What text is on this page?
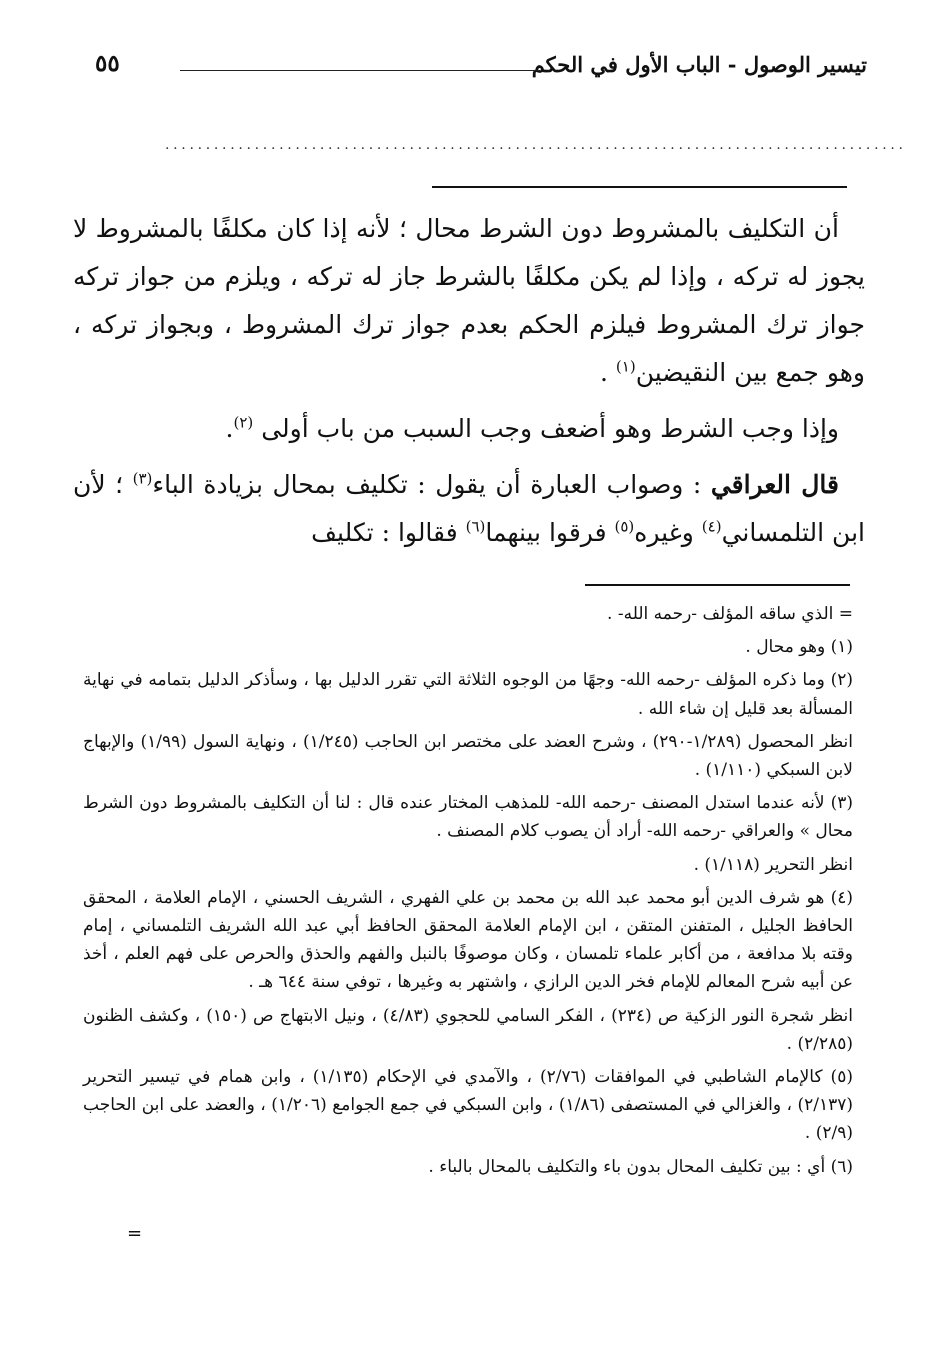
تيسير الوصول - الباب الأول في الحكم
٥٥
...........................................................................................

أن التكليف بالمشروط دون الشرط محال ؛ لأنه إذا كان مكلفًا بالمشروط لا يجوز له تركه ، وإذا لم يكن مكلفًا بالشرط جاز له تركه ، ويلزم من جواز تركه جواز ترك المشروط فيلزم الحكم بعدم جواز ترك المشروط ، وبجواز تركه ، وهو جمع بين النقيضين$^{(١)}$ .

وإذا وجب الشرط وهو أضعف وجب السبب من باب أولى $^{(٢)}$.

قال العراقي : وصواب العبارة أن يقول : تكليف بمحال بزيادة الباء$^{(٣)}$ ؛ لأن ابن التلمساني$^{(٤)}$ وغيره$^{(٥)}$ فرقوا بينهما$^{(٦)}$ فقالوا : تكليف

= الذي ساقه المؤلف -رحمه الله- .
(١) وهو محال .
(٢) وما ذكره المؤلف -رحمه الله- وجهًا من الوجوه الثلاثة التي تقرر الدليل بها ، وسأذكر الدليل بتمامه في نهاية المسألة بعد قليل إن شاء الله .
انظر المحصول (١/٢٨٩-٢٩٠) ، وشرح العضد على مختصر ابن الحاجب (١/٢٤٥) ، ونهاية السول (١/٩٩) والإبهاج لابن السبكي (١/١١٠) .
(٣) لأنه عندما استدل المصنف -رحمه الله- للمذهب المختار عنده قال : لنا أن التكليف بالمشروط دون الشرط محال » والعراقي -رحمه الله- أراد أن يصوب كلام المصنف .
انظر التحرير (١/١١٨) .
(٤) هو شرف الدين أبو محمد عبد الله بن محمد بن علي الفهري ، الشريف الحسني ، الإمام العلامة ، المحقق الحافظ الجليل ، المتفنن المتقن ، ابن الإمام العلامة المحقق الحافظ أبي عبد الله الشريف التلمساني ، إمام وقته بلا مدافعة ، من أكابر علماء تلمسان ، وكان موصوفًا بالنبل والفهم والحذق والحرص على فهم العلم ، أخذ عن أبيه شرح المعالم للإمام فخر الدين الرازي ، واشتهر به وغيرها ، توفي سنة ٦٤٤ هـ .
انظر شجرة النور الزكية ص (٢٣٤) ، الفكر السامي للحجوي (٤/٨٣) ، ونيل الابتهاج ص (١٥٠) ، وكشف الظنون (٢/٢٨٥) .
(٥) كالإمام الشاطبي في الموافقات (٢/٧٦) ، والآمدي في الإحكام (١/١٣٥) ، وابن همام في تيسير التحرير (٢/١٣٧) ، والغزالي في المستصفى (١/٨٦) ، وابن السبكي في جمع الجوامع (١/٢٠٦) ، والعضد على ابن الحاجب (٢/٩) .
(٦) أي : بين تكليف المحال بدون باء والتكليف بالمحال بالباء .
=
